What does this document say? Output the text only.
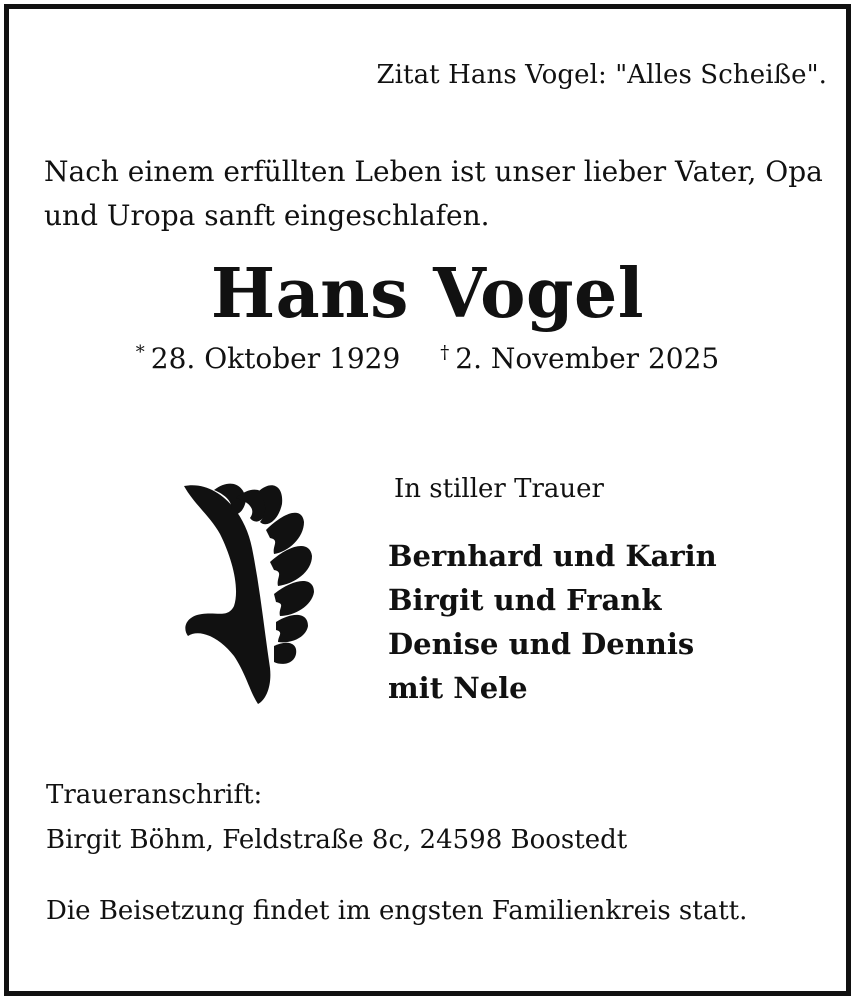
Zitat Hans Vogel: "Alles Scheiße".
Nach einem erfüllten Leben ist unser lieber Vater, Opa
und Uropa sanft eingeschlafen.
Hans Vogel
* 28. Oktober 1929 † 2. November 2025
In stiller Trauer
Bernhard und Karin
Birgit und Frank
Denise und Dennis
mit Nele
Traueranschrift:
Birgit Böhm, Feldstraße 8c, 24598 Boostedt
Die Beisetzung findet im engsten Familienkreis statt.
